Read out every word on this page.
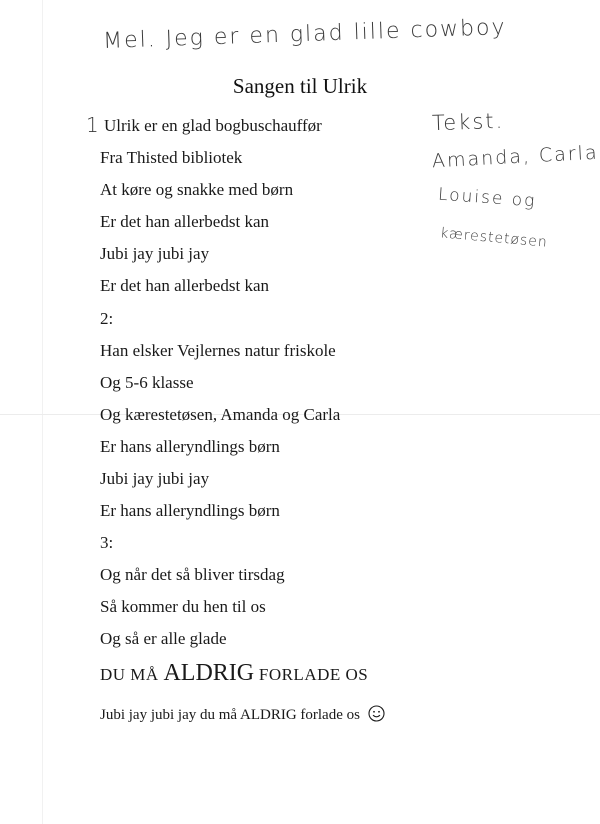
Mel. Jeg er en glad lille cowboy
Sangen til Ulrik
1	Tekst.
Amanda, Carla
Louise og
kærestetøsen
Ulrik er en glad bogbuschauffør
Fra Thisted bibliotek
At køre og snakke med børn
Er det han allerbedst kan
Jubi jay jubi jay
Er det han allerbedst kan
2:
Han elsker Vejlernes natur friskole
Og 5-6 klasse
Og kærestetøsen, Amanda og Carla
Er hans alleryndlings børn
Jubi jay jubi jay
Er hans alleryndlings børn
3:
Og når det så bliver tirsdag
Så kommer du hen til os
Og så er alle glade
DU MÅ ALDRIG FORLADE OS
Jubi jay jubi jay du må ALDRIG forlade os
